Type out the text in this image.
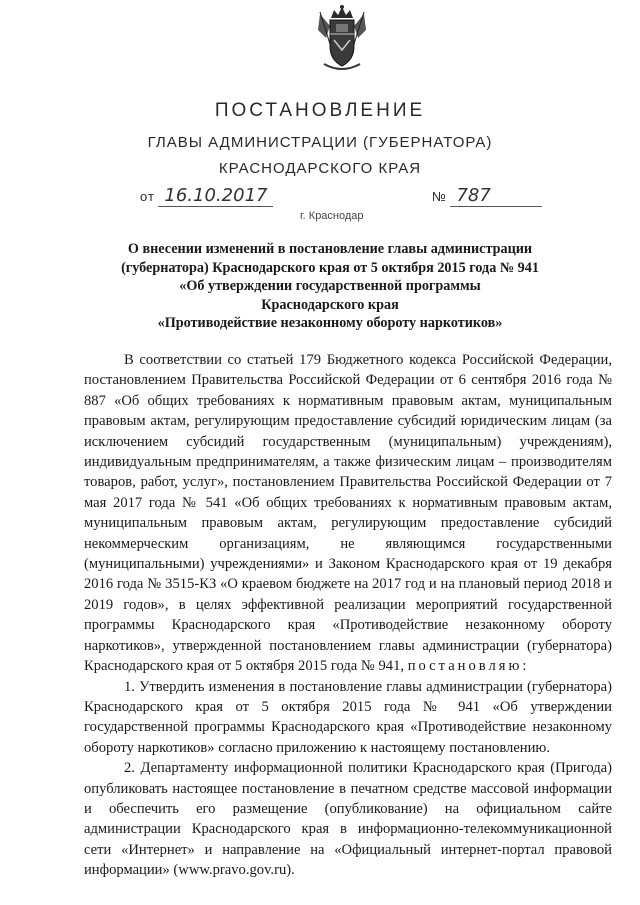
ПОСТАНОВЛЕНИЕ
ГЛАВЫ АДМИНИСТРАЦИИ (ГУБЕРНАТОРА)
КРАСНОДАРСКОГО КРАЯ
от 16.10.2017	№ 787
г. Краснодар
О внесении изменений в постановление главы администрации
(губернатора) Краснодарского края от 5 октября 2015 года № 941
«Об утверждении государственной программы
Краснодарского края
«Противодействие незаконному обороту наркотиков»

В соответствии со статьей 179 Бюджетного кодекса Российской Федерации, постановлением Правительства Российской Федерации от 6 сентября 2016 года № 887 «Об общих требованиях к нормативным правовым актам, муниципальным правовым актам, регулирующим предоставление субсидий юридическим лицам (за исключением субсидий государственным (муниципальным) учреждениям), индивидуальным предпринимателям, а также физическим лицам – производителям товаров, работ, услуг», постановлением Правительства Российской Федерации от 7 мая 2017 года № 541 «Об общих требованиях к нормативным правовым актам, муниципальным правовым актам, регулирующим предоставление субсидий некоммерческим организациям, не являющимся государственными (муниципальными) учреждениями» и Законом Краснодарского края от 19 декабря 2016 года № 3515-КЗ «О краевом бюджете на 2017 год и на плановый период 2018 и 2019 годов», в целях эффективной реализации мероприятий государственной программы Краснодарского края «Противодействие незаконному обороту наркотиков», утвержденной постановлением главы администрации (губернатора) Краснодарского края от 5 октября 2015 года № 941, постановляю:

1. Утвердить изменения в постановление главы администрации (губернатора) Краснодарского края от 5 октября 2015 года № 941 «Об утверждении государственной программы Краснодарского края «Противодействие незаконному обороту наркотиков» согласно приложению к настоящему постановлению.

2. Департаменту информационной политики Краснодарского края (Пригода) опубликовать настоящее постановление в печатном средстве массовой информации и обеспечить его размещение (опубликование) на официальном сайте администрации Краснодарского края в информационно-телекоммуникационной сети «Интернет» и направление на «Официальный интернет-портал правовой информации» (www.pravo.gov.ru).
